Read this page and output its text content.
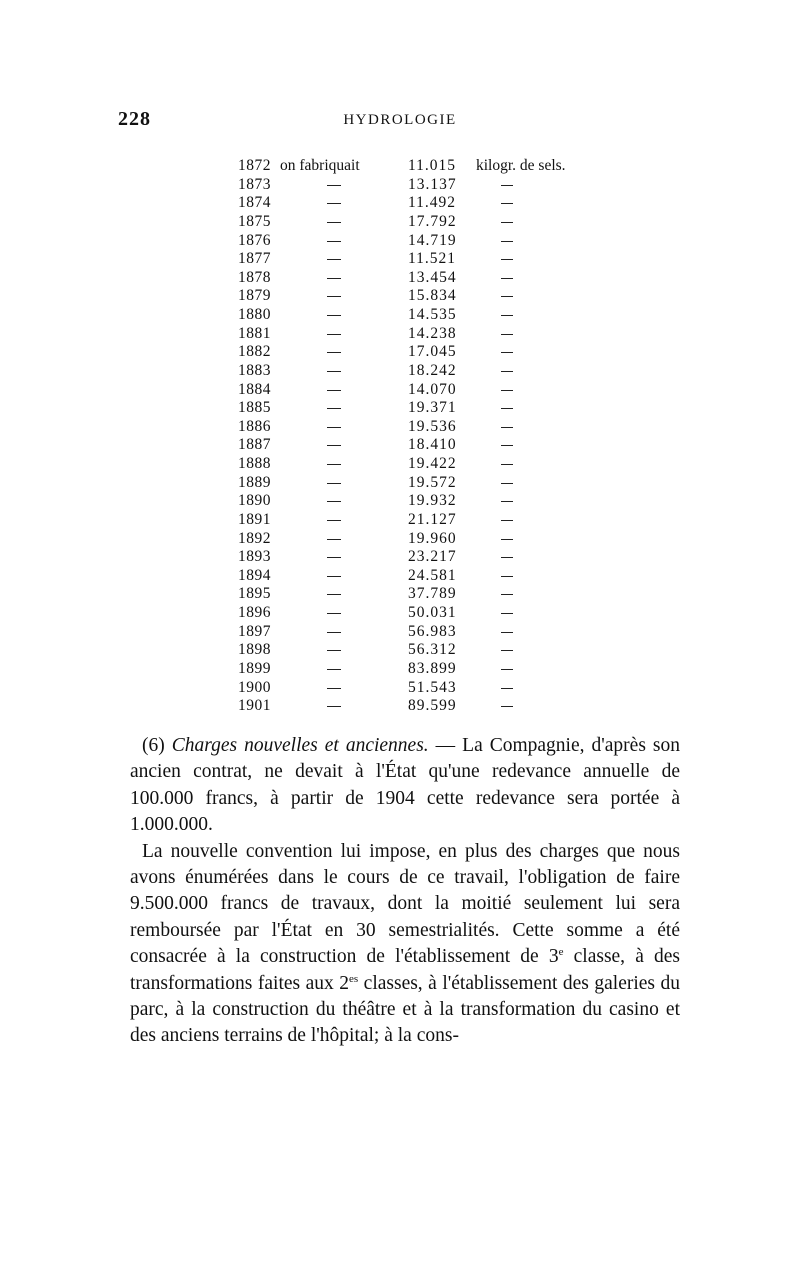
228	HYDROLOGIE
1872 on fabriquait	11.015 kilogr. de sels.
1873	13.137
1874	11.492
1875	17.792
1876	14.719
1877	11.521
1878	13.454
1879	15.834
1880	14.535
1881	14.238
1882	17.045
1883	18.242
1884	14.070
1885	19.371
1886	19.536
1887	18.410
1888	19.422
1889	19.572
1890	19.932
1891	21.127
1892	19.960
1893	23.217
1894	24.581
1895	37.789
1896	50.031
1897	56.983
1898	56.312
1899	83.899
1900	51.543
1901	89.599

(6) Charges nouvelles et anciennes. — La Compagnie, d'après son ancien contrat, ne devait à l'État qu'une redevance annuelle de 100.000 francs, à partir de 1904 cette redevance sera portée à 1.000.000.

La nouvelle convention lui impose, en plus des charges que nous avons énumérées dans le cours de ce travail, l'obligation de faire 9.500.000 francs de travaux, dont la moitié seulement lui sera remboursée par l'État en 30 semestrialités. Cette somme a été consacrée à la construction de l'établissement de 3e classe, à des transformations faites aux $2^{es}$ classes, à l'établissement des galeries du parc, à la construction du théâtre et à la transformation du casino et des anciens terrains de l'hôpital; à la cons-
